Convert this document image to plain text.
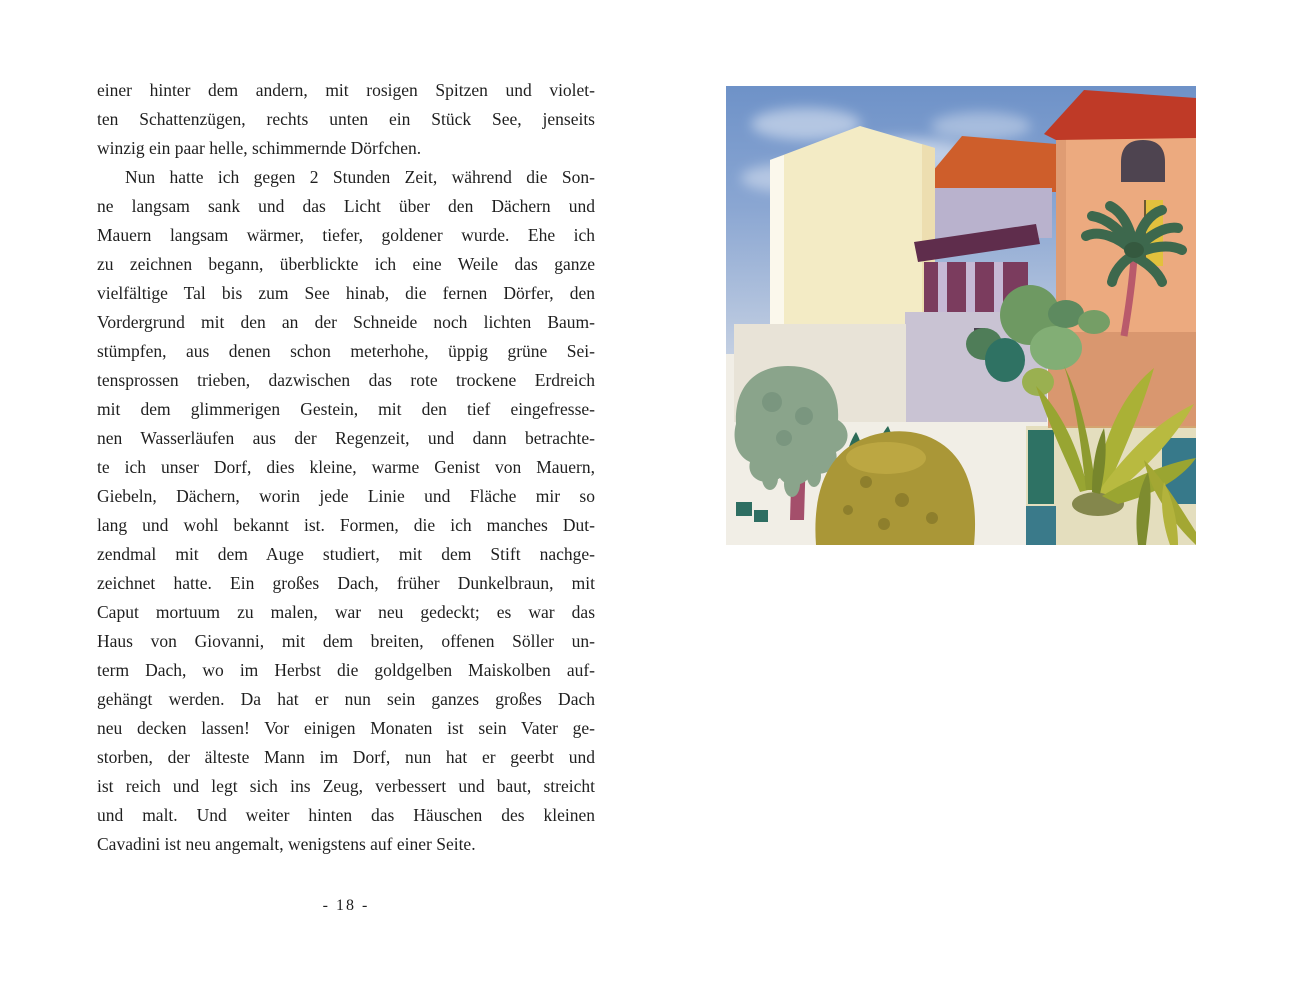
einer hinter dem andern, mit rosigen Spitzen und violet-
ten Schattenzügen, rechts unten ein Stück See, jenseits
winzig ein paar helle, schimmernde Dörfchen.
Nun hatte ich gegen 2 Stunden Zeit, während die Son-
ne langsam sank und das Licht über den Dächern und
Mauern langsam wärmer, tiefer, goldener wurde. Ehe ich
zu zeichnen begann, überblickte ich eine Weile das ganze
vielfältige Tal bis zum See hinab, die fernen Dörfer, den
Vordergrund mit den an der Schneide noch lichten Baum-
stümpfen, aus denen schon meterhohe, üppig grüne Sei-
tensprossen trieben, dazwischen das rote trockene Erdreich
mit dem glimmerigen Gestein, mit den tief eingefresse-
nen Wasserläufen aus der Regenzeit, und dann betrachte-
te ich unser Dorf, dies kleine, warme Genist von Mauern,
Giebeln, Dächern, worin jede Linie und Fläche mir so
lang und wohl bekannt ist. Formen, die ich manches Dut-
zendmal mit dem Auge studiert, mit dem Stift nachge-
zeichnet hatte. Ein großes Dach, früher Dunkelbraun, mit
Caput mortuum zu malen, war neu gedeckt; es war das
Haus von Giovanni, mit dem breiten, offenen Söller un-
term Dach, wo im Herbst die goldgelben Maiskolben auf-
gehängt werden. Da hat er nun sein ganzes großes Dach
neu decken lassen! Vor einigen Monaten ist sein Vater ge-
storben, der älteste Mann im Dorf, nun hat er geerbt und
ist reich und legt sich ins Zeug, verbessert und baut, streicht
und malt. Und weiter hinten das Häuschen des kleinen
Cavadini ist neu angemalt, wenigstens auf einer Seite.
- 18 -
